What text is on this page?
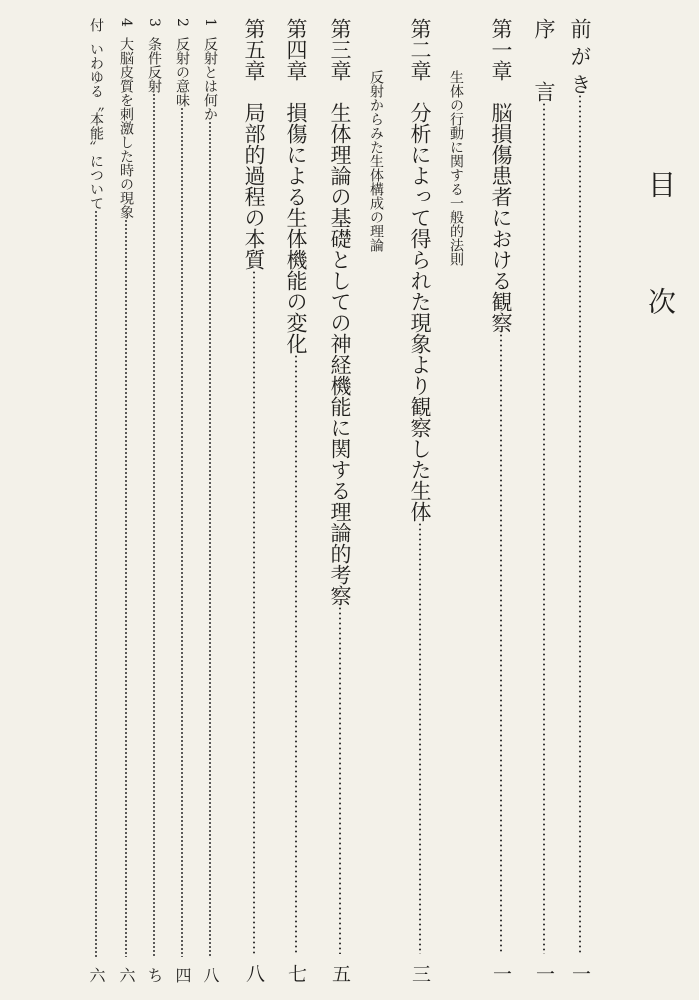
目 次
前 が き
一
序　　言
一
第一章　脳損傷患者における観察
一
生体の行動に関する一般的法則
第二章　分析によって得られた現象より観察した生体
三
反射からみた生体構成の理論
第三章　生体理論の基礎としての神経機能に関する理論的考察
五
第四章　損傷による生体機能の変化
七
第五章　局部的過程の本質
八
1
反射とは何か
八
2
反射の意味
四
3
条件反射
ち
4
大脳皮質を刺激した時の現象
六
付
いわゆる〝本能〟について
六
